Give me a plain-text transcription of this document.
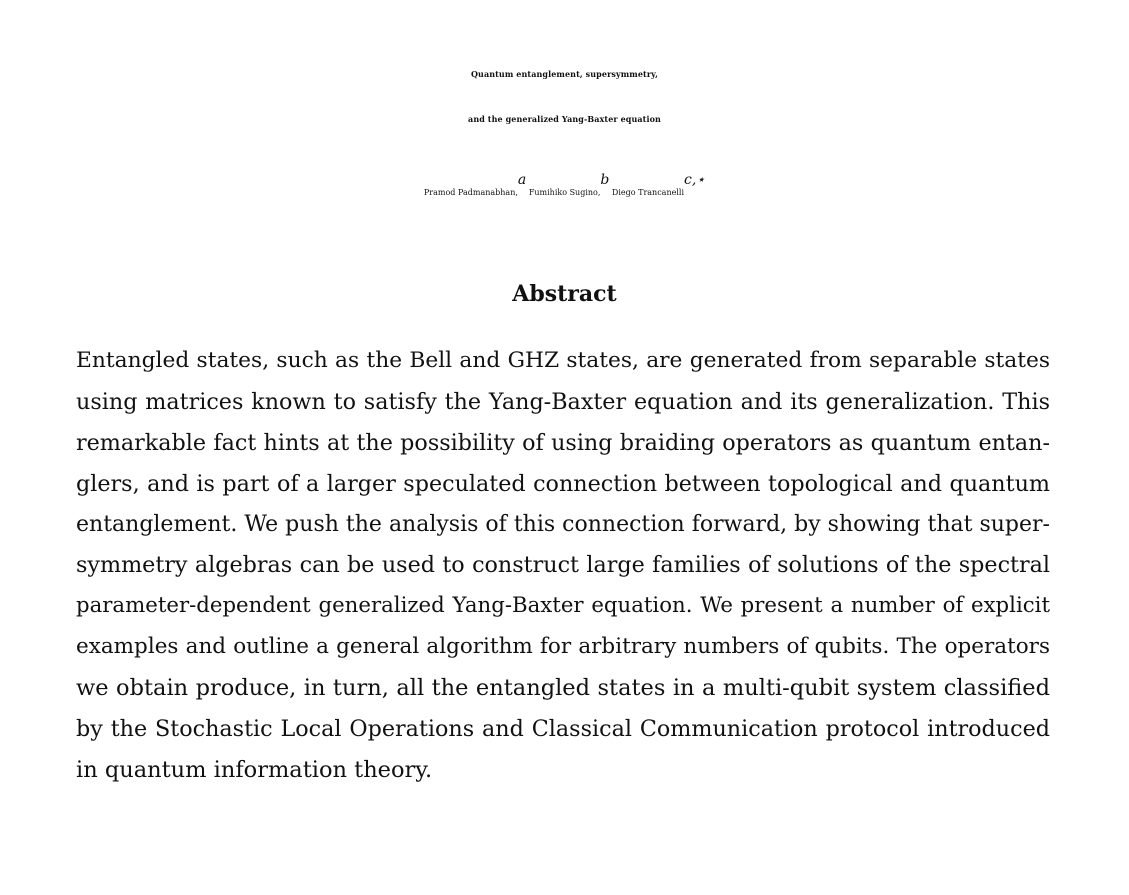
Quantum entanglement, supersymmetry,
and the generalized Yang-Baxter equation
Pramod Padmanabhan,$^a$ Fumihiko Sugino,$^b$ Diego Trancanelli$^{c,⋆}$
Abstract
Entangled states, such as the Bell and GHZ states, are generated from separable states
using matrices known to satisfy the Yang-Baxter equation and its generalization. This
remarkable fact hints at the possibility of using braiding operators as quantum entan-
glers, and is part of a larger speculated connection between topological and quantum
entanglement. We push the analysis of this connection forward, by showing that super-
symmetry algebras can be used to construct large families of solutions of the spectral
parameter-dependent generalized Yang-Baxter equation. We present a number of explicit
examples and outline a general algorithm for arbitrary numbers of qubits. The operators
we obtain produce, in turn, all the entangled states in a multi-qubit system classified
by the Stochastic Local Operations and Classical Communication protocol introduced
in quantum information theory.
